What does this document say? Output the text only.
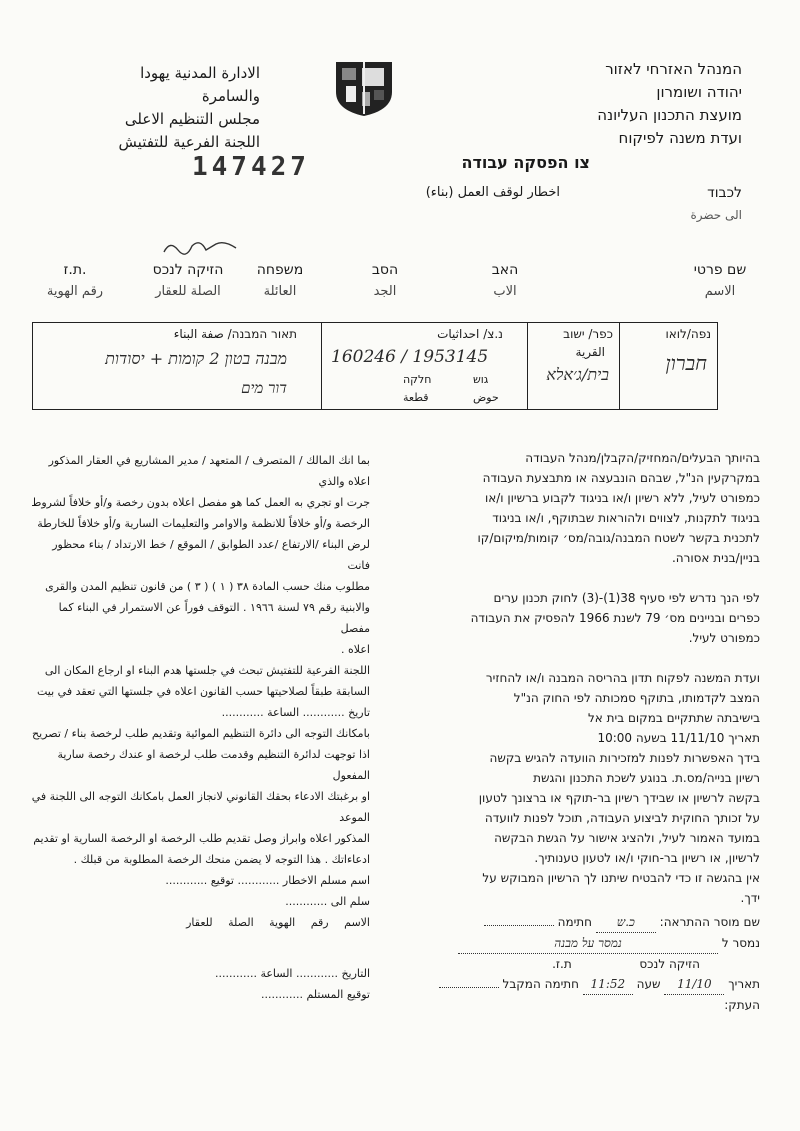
המנהל האזרחי לאזור
יהודה ושומרון
מועצת התכנון העליונה
ועדת משנה לפיקוח
الادارة المدنية يهودا
والسامرة
مجلس التنظيم الاعلى
اللجنة الفرعية للتفتيش
צו הפסקה עבודה
147427
اخطار لوقف العمل (بناء)	לכבוד
الى حضرة
שם פרטי
الاسم
האב
الاب
הסב
الجد
משפחה
العائلة
הזיקה לנכס
الصلة للعقار
ת.ז.
رقم الهوية
נפה/לואו
חברון
כפר/ ישוב
القرية
בית/ג׳אלא
נ.צ/ احداثيات
160246 / 1953145
גוש
חלקה
حوض
قطعة
תאור המבנה/ صفة البناء
מבנה בטון 2 קומות + יסודות
דור מים
בהיותך הבעלים/המחזיק/הקבלן/מנהל העבודה
במקרקעין הנ"ל, שבהם הונבעצה או מתבצעת העבודה
כמפורט לעיל, ללא רשיון ו/או בניגוד לקבוע ברשיון ו/או
בניגוד לתקנות, לצווים ולהוראות שבתוקף, ו/או בניגוד
לתכנית בקשר לשטח המבנה/גובה/מס׳ קומות/מיקום/קו
בניין/בנית אסורה.
לפי הנך נדרש לפי סעיף 38(1)-(3) לחוק תכנון ערים
כפרים ובניינים מס׳ 79 לשנת 1966 להפסיק את העבודה
כמפורט לעיל.
ועדת המשנה לפקוח תדון בהריסה המבנה ו/או להחזיר
המצב לקדמותו, בתוקף סמכותה לפי החוק הנ"ל
בישיבתה שתתקיים במקום בית אל
תאריך 11/11/10 בשעה 10:00
בידך האפשרות לפנות למזכירות הוועדה להגיש בקשה
רשיון בנייה/מס.ת. בנוגע לשכת התכנון והגשת
בקשה לרשיון או שבידך רשיון בר-תוקף או ברצונך לטעון
על זכותך החוקית לביצוע העבודה, תוכל לפנות לוועדה
במועד האמור לעיל, ולהציג אישור על הגשת הבקשה
לרשיון, או רשיון בר-חוקי ו/או לטעון טענותיך.
אין בהגשה זו כדי להבטיח שיתנו לך הרשיון המבוקש על
ידך.
שם מוסר ההתראה: כ.ש חתימה
נמסר ל נמסר על מבנה
הזיקה לנכס  ת.ז.
תאריך 11/10 שעה 11:52 חתימה המקבל
העתק:
بما انك المالك / المتصرف / المتعهد / مدير المشاريع في العقار المذكور اعلاه والذي
جرت او تجري به العمل كما هو مفصل اعلاه بدون رخصة و/أو خلافاً لشروط
الرخصة و/أو خلافاً للانظمة والاوامر والتعليمات السارية و/أو خلافاً للخارطة
لرض البناء /الارتفاع /عدد الطوابق / الموقع / خط الارتداد / بناء محظور فانت
مطلوب منك حسب المادة ٣٨ ( ١ ) ( ٣ ) من قانون تنظيم المدن والقرى
والابنية رقم ٧٩ لسنة ١٩٦٦ . التوقف فوراً عن الاستمرار في البناء كما مفصل
اعلاه .
اللجنة الفرعية للتفتيش تبحث في جلستها هدم البناء او ارجاع المكان الى
السابقة طبقاً لصلاحيتها حسب القانون اعلاه في جلستها التي تعقد في بيت
تاريخ ............ الساعة ............
بامكانك التوجه الى دائرة التنظيم الموائية وتقديم طلب لرخصة بناء / تصريح
اذا توجهت لدائرة التنظيم وقدمت طلب لرخصة او عندك رخصة سارية المفعول
او برغبتك الادعاء بحقك القانوني لانجاز العمل بامكانك التوجه الى اللجنة في الموعد
المذكور اعلاه وابراز وصل تقديم طلب الرخصة او الرخصة السارية او تقديم
ادعاءاتك . هذا التوجه لا يضمن منحك الرخصة المطلوبة من قبلك .
اسم مسلم الاخطار ............ توقيع ............
سلم الى ............
الاسم رقم الهوية الصلة للعقار
التاريخ ............ الساعة ............
توقيع المستلم ............
